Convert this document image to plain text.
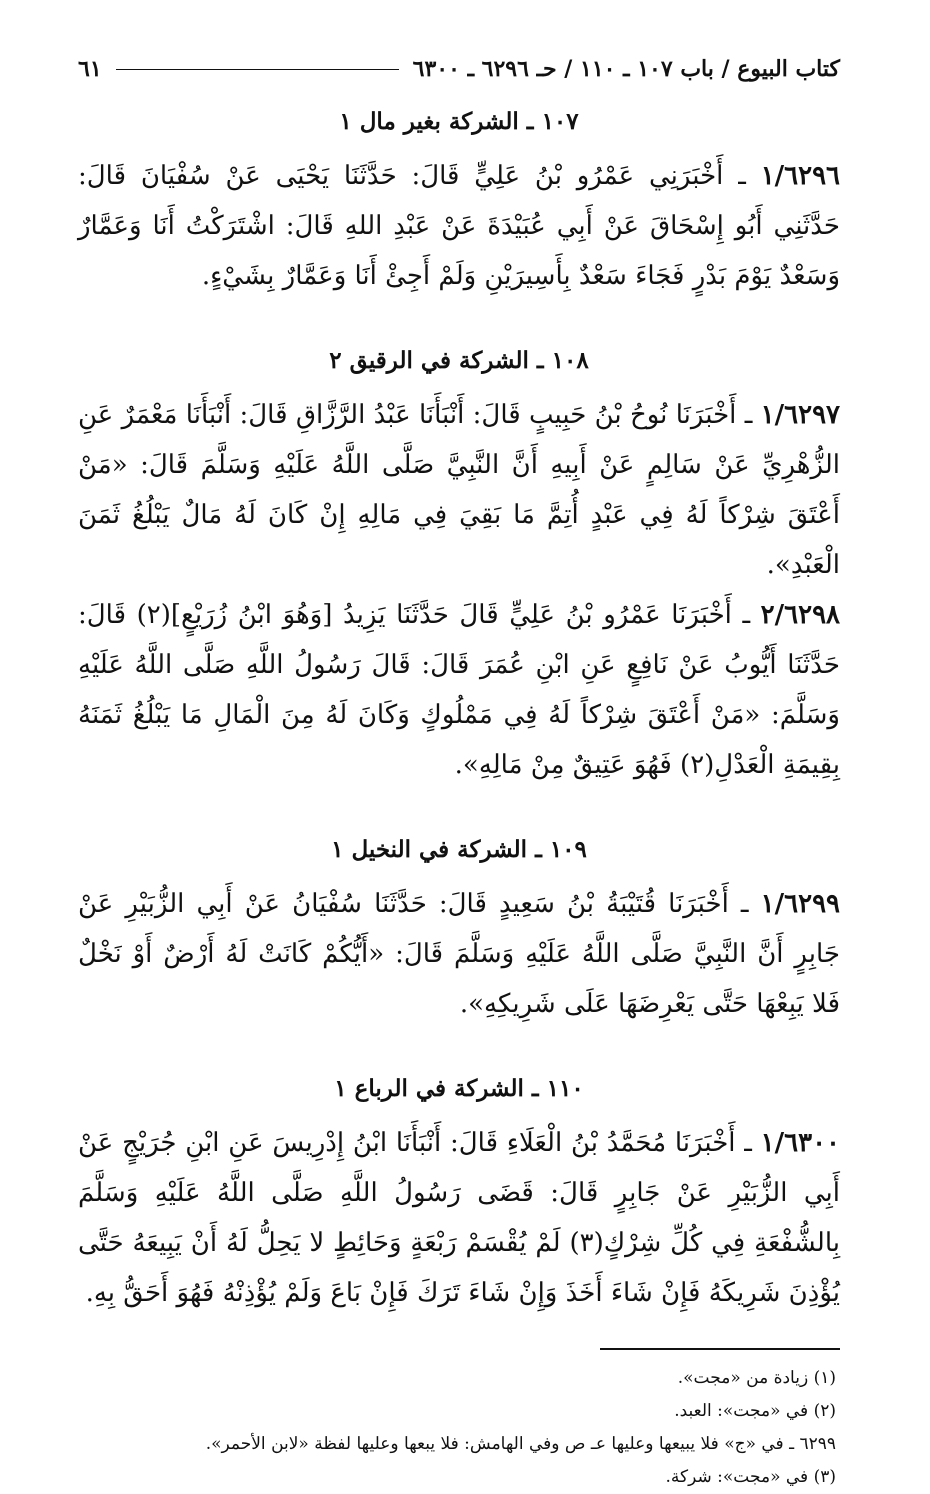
كتاب البيوع / باب ١٠٧ ـ ١١٠ / حـ ٦٢٩٦ ـ ٦٣٠٠
٦١
١٠٧ ـ الشركة بغير مال ١

١/٦٢٩٦ ـ أَخْبَرَنِي عَمْرُو بْنُ عَلِيٍّ قَالَ: حَدَّثَنَا يَحْيَى عَنْ سُفْيَانَ قَالَ: حَدَّثَنِي أَبُو إِسْحَاقَ عَنْ أَبِي عُبَيْدَةَ عَنْ عَبْدِ اللهِ قَالَ: اشْتَرَكْتُ أَنَا وَعَمَّارٌ وَسَعْدٌ يَوْمَ بَدْرٍ فَجَاءَ سَعْدٌ بِأَسِيرَيْنِ وَلَمْ أَجِئْ أَنَا وَعَمَّارٌ بِشَيْءٍ.

١٠٨ ـ الشركة في الرقيق ٢

١/٦٢٩٧ ـ أَخْبَرَنَا نُوحُ بْنُ حَبِيبٍ قَالَ: أَنْبَأَنَا عَبْدُ الرَّزَّاقِ قَالَ: أَنْبَأَنَا مَعْمَرٌ عَنِ الزُّهْرِيِّ عَنْ سَالِمٍ عَنْ أَبِيهِ أَنَّ النَّبِيَّ صَلَّى اللَّهُ عَلَيْهِ وَسَلَّمَ قَالَ: «مَنْ أَعْتَقَ شِرْكاً لَهُ فِي عَبْدٍ أُتِمَّ مَا بَقِيَ فِي مَالِهِ إِنْ كَانَ لَهُ مَالٌ يَبْلُغُ ثَمَنَ الْعَبْدِ».

٢/٦٢٩٨ ـ أَخْبَرَنَا عَمْرُو بْنُ عَلِيٍّ قَالَ حَدَّثَنَا يَزِيدُ [وَهُوَ ابْنُ زُرَيْعٍ](٢) قَالَ: حَدَّثَنَا أَيُّوبُ عَنْ نَافِعٍ عَنِ ابْنِ عُمَرَ قَالَ: قَالَ رَسُولُ اللَّهِ صَلَّى اللَّهُ عَلَيْهِ وَسَلَّمَ: «مَنْ أَعْتَقَ شِرْكاً لَهُ فِي مَمْلُوكٍ وَكَانَ لَهُ مِنَ الْمَالِ مَا يَبْلُغُ ثَمَنَهُ بِقِيمَةِ الْعَدْلِ(٢) فَهُوَ عَتِيقٌ مِنْ مَالِهِ».

١٠٩ ـ الشركة في النخيل ١

١/٦٢٩٩ ـ أَخْبَرَنَا قُتَيْبَةُ بْنُ سَعِيدٍ قَالَ: حَدَّثَنَا سُفْيَانُ عَنْ أَبِي الزُّبَيْرِ عَنْ جَابِرٍ أَنَّ النَّبِيَّ صَلَّى اللَّهُ عَلَيْهِ وَسَلَّمَ قَالَ: «أَيُّكُمْ كَانَتْ لَهُ أَرْضٌ أَوْ نَخْلٌ فَلا يَبِعْهَا حَتَّى يَعْرِضَهَا عَلَى شَرِيكِهِ».

١١٠ ـ الشركة في الرباع ١

١/٦٣٠٠ ـ أَخْبَرَنَا مُحَمَّدُ بْنُ الْعَلَاءِ قَالَ: أَنْبَأَنَا ابْنُ إِدْرِيسَ عَنِ ابْنِ جُرَيْجٍ عَنْ أَبِي الزُّبَيْرِ عَنْ جَابِرٍ قَالَ: قَضَى رَسُولُ اللَّهِ صَلَّى اللَّهُ عَلَيْهِ وَسَلَّمَ بِالشُّفْعَةِ فِي كُلِّ شِرْكٍ(٣) لَمْ يُقْسَمْ رَبْعَةٍ وَحَائِطٍ لا يَحِلُّ لَهُ أَنْ يَبِيعَهُ حَتَّى يُؤْذِنَ شَرِيكَهُ فَإِنْ شَاءَ أَخَذَ وَإِنْ شَاءَ تَرَكَ فَإِنْ بَاعَ وَلَمْ يُؤْذِنْهُ فَهُوَ أَحَقُّ بِهِ.

(١) زيادة من «مجت».
(٢) في «مجت»: العبد.
٦٢٩٩ ـ في «ج» فلا يبيعها وعليها عـ ص وفي الهامش: فلا يبعها وعليها لفظة «لابن الأحمر».
(٣) في «مجت»: شركة.
